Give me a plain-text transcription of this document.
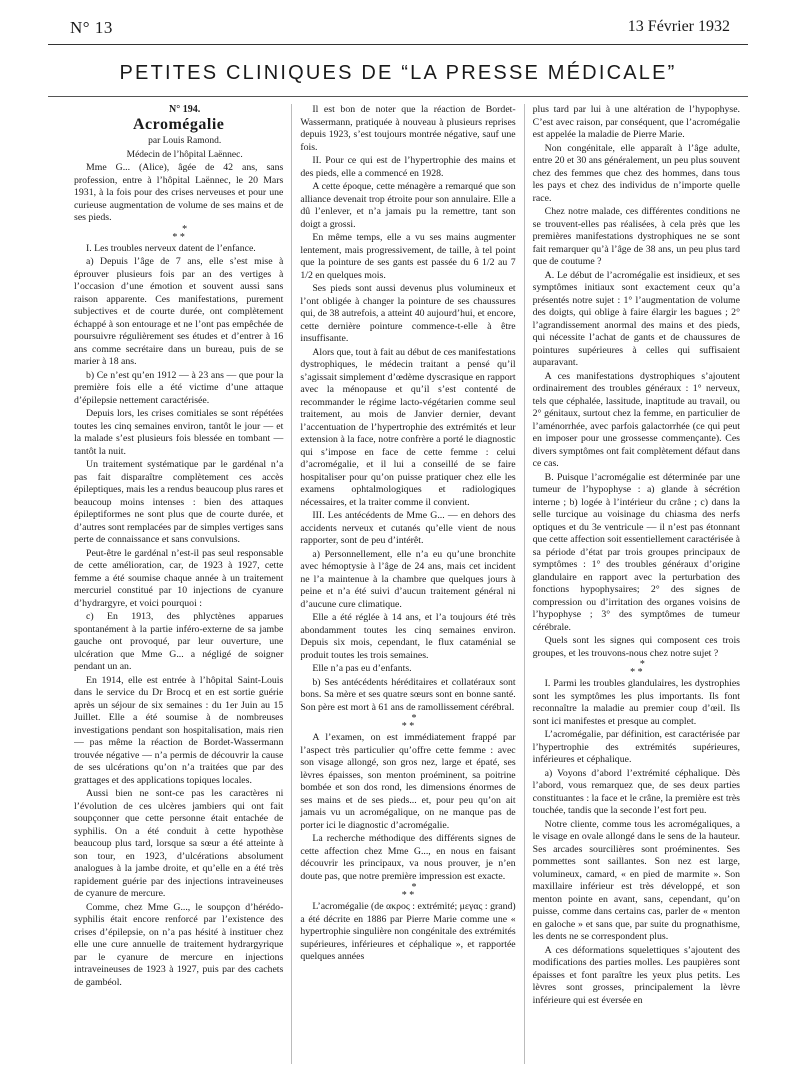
N° 13	13 Février 1932
PETITES CLINIQUES DE “LA PRESSE MÉDICALE”

N° 194.

Acromégalie

par Louis Ramond.

Médecin de l’hôpital Laënnec.

Mme G... (Alice), âgée de 42 ans, sans profession, entre à l’hôpital Laënnec, le 20 Mars 1931, à la fois pour des crises nerveuses et pour une curieuse augmentation de volume de ses mains et de ses pieds.

*
* *

I. Les troubles nerveux datent de l’enfance.

a) Depuis l’âge de 7 ans, elle s’est mise à éprouver plusieurs fois par an des vertiges à l’occasion d’une émotion et souvent aussi sans raison apparente. Ces manifestations, purement subjectives et de courte durée, ont complètement échappé à son entourage et ne l’ont pas empêchée de poursuivre régulièrement ses études et d’entrer à 16 ans comme secrétaire dans un bureau, puis de se marier à 18 ans.

b) Ce n’est qu’en 1912 — à 23 ans — que pour la première fois elle a été victime d’une attaque d’épilepsie nettement caractérisée.

Depuis lors, les crises comitiales se sont répétées toutes les cinq semaines environ, tantôt le jour — et la malade s’est plusieurs fois blessée en tombant — tantôt la nuit.

Un traitement systématique par le gardénal n’a pas fait disparaître complètement ces accès épileptiques, mais les a rendus beaucoup plus rares et beaucoup moins intenses : bien des attaques épileptiformes ne sont plus que de courte durée, et d’autres sont remplacées par de simples vertiges sans perte de connaissance et sans convulsions.

Peut-être le gardénal n’est-il pas seul responsable de cette amélioration, car, de 1923 à 1927, cette femme a été soumise chaque année à un traitement mercuriel constitué par 10 injections de cyanure d’hydrargyre, et voici pourquoi :

c) En 1913, des phlyctènes apparues spontanément à la partie inféro-externe de sa jambe gauche ont provoqué, par leur ouverture, une ulcération que Mme G... a négligé de soigner pendant un an.

En 1914, elle est entrée à l’hôpital Saint-Louis dans le service du Dr Brocq et en est sortie guérie après un séjour de six semaines : du 1er Juin au 15 Juillet. Elle a été soumise à de nombreuses investigations pendant son hospitalisation, mais rien — pas même la réaction de Bordet-Wassermann trouvée négative — n’a permis de découvrir la cause de ses ulcérations qu’on n’a traitées que par des grattages et des applications topiques locales.

Aussi bien ne sont-ce pas les caractères ni l’évolution de ces ulcères jambiers qui ont fait soupçonner que cette personne était entachée de syphilis. On a été conduit à cette hypothèse beaucoup plus tard, lorsque sa sœur a été atteinte à son tour, en 1923, d’ulcérations absolument analogues à la jambe droite, et qu’elle en a été très rapidement guérie par des injections intraveineuses de cyanure de mercure.

Comme, chez Mme G..., le soupçon d’hérédo-syphilis était encore renforcé par l’existence des crises d’épilepsie, on n’a pas hésité à instituer chez elle une cure annuelle de traitement hydrargyrique par le cyanure de mercure en injections intraveineuses de 1923 à 1927, puis par des cachets de gambéol.

Il est bon de noter que la réaction de Bordet-Wassermann, pratiquée à nouveau à plusieurs reprises depuis 1923, s’est toujours montrée négative, sauf une fois.

II. Pour ce qui est de l’hypertrophie des mains et des pieds, elle a commencé en 1928.

A cette époque, cette ménagère a remarqué que son alliance devenait trop étroite pour son annulaire. Elle a dû l’enlever, et n’a jamais pu la remettre, tant son doigt a grossi.

En même temps, elle a vu ses mains augmenter lentement, mais progressivement, de taille, à tel point que la pointure de ses gants est passée du 6 1/2 au 7 1/2 en quelques mois.

Ses pieds sont aussi devenus plus volumineux et l’ont obligée à changer la pointure de ses chaussures qui, de 38 autrefois, a atteint 40 aujourd’hui, et encore, cette dernière pointure commence-t-elle à être insuffisante.

Alors que, tout à fait au début de ces manifestations dystrophiques, le médecin traitant a pensé qu’il s’agissait simplement d’œdème dyscrasique en rapport avec la ménopause et qu’il s’est contenté de recommander le régime lacto-végétarien comme seul traitement, au mois de Janvier dernier, devant l’accentuation de l’hypertrophie des extrémités et leur extension à la face, notre confrère a porté le diagnostic qui s’impose en face de cette femme : celui d’acromégalie, et il lui a conseillé de se faire hospitaliser pour qu’on puisse pratiquer chez elle les examens ophtalmologiques et radiologiques nécessaires, et la traiter comme il convient.

III. Les antécédents de Mme G... — en dehors des accidents nerveux et cutanés qu’elle vient de nous rapporter, sont de peu d’intérêt.

a) Personnellement, elle n’a eu qu’une bronchite avec hémoptysie à l’âge de 24 ans, mais cet incident ne l’a maintenue à la chambre que quelques jours à peine et n’a été suivi d’aucun traitement général ni d’aucune cure climatique.

Elle a été réglée à 14 ans, et l’a toujours été très abondamment toutes les cinq semaines environ. Depuis six mois, cependant, le flux cataménial se produit toutes les trois semaines.

Elle n’a pas eu d’enfants.

b) Ses antécédents héréditaires et collatéraux sont bons. Sa mère et ses quatre sœurs sont en bonne santé. Son père est mort à 61 ans de ramollissement cérébral.

*
* *

A l’examen, on est immédiatement frappé par l’aspect très particulier qu’offre cette femme : avec son visage allongé, son gros nez, large et épaté, ses lèvres épaisses, son menton proéminent, sa poitrine bombée et son dos rond, les dimensions énormes de ses mains et de ses pieds... et, pour peu qu’on ait jamais vu un acromégalique, on ne manque pas de porter ici le diagnostic d’acromégalie.

La recherche méthodique des différents signes de cette affection chez Mme G..., en nous en faisant découvrir les principaux, va nous prouver, je n’en doute pas, que notre première impression est exacte.

*
* *

L’acromégalie (de ακρος : extrémité; μεγας : grand) a été décrite en 1886 par Pierre Marie comme une « hypertrophie singulière non congénitale des extrémités supérieures, inférieures et céphalique », et rapportée quelques années

plus tard par lui à une altération de l’hypophyse. C’est avec raison, par conséquent, que l’acromégalie est appelée la maladie de Pierre Marie.

Non congénitale, elle apparaît à l’âge adulte, entre 20 et 30 ans généralement, un peu plus souvent chez des femmes que chez des hommes, dans tous les pays et chez des individus de n’importe quelle race.

Chez notre malade, ces différentes conditions ne se trouvent-elles pas réalisées, à cela près que les premières manifestations dystrophiques ne se sont fait remarquer qu’à l’âge de 38 ans, un peu plus tard que de coutume ?

A. Le début de l’acromégalie est insidieux, et ses symptômes initiaux sont exactement ceux qu’a présentés notre sujet : 1° l’augmentation de volume des doigts, qui oblige à faire élargir les bagues ; 2° l’agrandissement anormal des mains et des pieds, qui nécessite l’achat de gants et de chaussures de pointures supérieures à celles qui suffisaient auparavant.

A ces manifestations dystrophiques s’ajoutent ordinairement des troubles généraux : 1° nerveux, tels que céphalée, lassitude, inaptitude au travail, ou 2° génitaux, surtout chez la femme, en particulier de l’aménorrhée, avec parfois galactorrhée (ce qui peut en imposer pour une grossesse commençante). Ces divers symptômes ont fait complètement défaut dans ce cas.

B. Puisque l’acromégalie est déterminée par une tumeur de l’hypophyse : a) glande à sécrétion interne ; b) logée à l’intérieur du crâne ; c) dans la selle turcique au voisinage du chiasma des nerfs optiques et du 3e ventricule — il n’est pas étonnant que cette affection soit essentiellement caractérisée à sa période d’état par trois groupes principaux de symptômes : 1° des troubles généraux d’origine glandulaire en rapport avec la perturbation des fonctions hypophysaires; 2° des signes de compression ou d’irritation des organes voisins de l’hypophyse ; 3° des symptômes de tumeur cérébrale.

Quels sont les signes qui composent ces trois groupes, et les trouvons-nous chez notre sujet ?

*
* *

I. Parmi les troubles glandulaires, les dystrophies sont les symptômes les plus importants. Ils font reconnaître la maladie au premier coup d’œil. Ils sont ici manifestes et presque au complet.

L’acromégalie, par définition, est caractérisée par l’hypertrophie des extrémités supérieures, inférieures et céphalique.

a) Voyons d’abord l’extrémité céphalique. Dès l’abord, vous remarquez que, de ses deux parties constituantes : la face et le crâne, la première est très touchée, tandis que la seconde l’est fort peu.

Notre cliente, comme tous les acromégaliques, a le visage en ovale allongé dans le sens de la hauteur. Ses arcades sourcilières sont proéminentes. Ses pommettes sont saillantes. Son nez est large, volumineux, camard, « en pied de marmite ». Son maxillaire inférieur est très développé, et son menton pointe en avant, sans, cependant, qu’on puisse, comme dans certains cas, parler de « menton en galoche » et sans que, par suite du prognathisme, les dents ne se correspondent plus.

A ces déformations squelettiques s’ajoutent des modifications des parties molles. Les paupières sont épaisses et font paraître les yeux plus petits. Les lèvres sont grosses, principalement la lèvre inférieure qui est éversée en
